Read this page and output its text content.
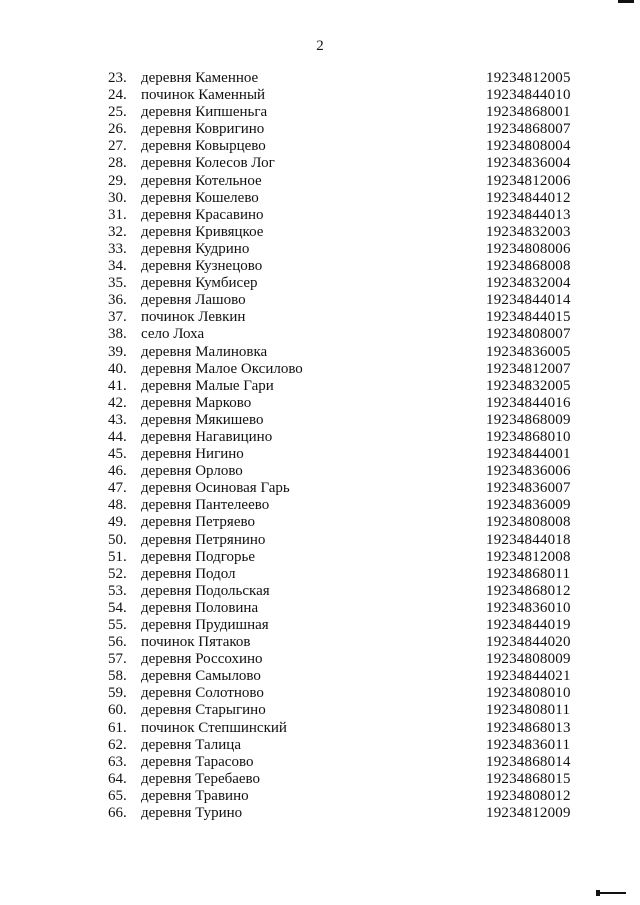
2
23. деревня Каменное	19234812005
24. починок Каменный	19234844010
25. деревня Кипшеньга	19234868001
26. деревня Ковригино	19234868007
27. деревня Ковырцево	19234808004
28. деревня Колесов Лог	19234836004
29. деревня Котельное	19234812006
30. деревня Кошелево	19234844012
31. деревня Красавино	19234844013
32. деревня Кривяцкое	19234832003
33. деревня Кудрино	19234808006
34. деревня Кузнецово	19234868008
35. деревня Кумбисер	19234832004
36. деревня Лашово	19234844014
37. починок Левкин	19234844015
38. село Лоха	19234808007
39. деревня Малиновка	19234836005
40. деревня Малое Оксилово	19234812007
41. деревня Малые Гари	19234832005
42. деревня Марково	19234844016
43. деревня Мякишево	19234868009
44. деревня Нагавицино	19234868010
45. деревня Нигино	19234844001
46. деревня Орлово	19234836006
47. деревня Осиновая Гарь	19234836007
48. деревня Пантелеево	19234836009
49. деревня Петряево	19234808008
50. деревня Петрянино	19234844018
51. деревня Подгорье	19234812008
52. деревня Подол	19234868011
53. деревня Подольская	19234868012
54. деревня Половина	19234836010
55. деревня Прудишная	19234844019
56. починок Пятаков	19234844020
57. деревня Россохино	19234808009
58. деревня Самылово	19234844021
59. деревня Солотново	19234808010
60. деревня Старыгино	19234808011
61. починок Степшинский	19234868013
62. деревня Талица	19234836011
63. деревня Тарасово	19234868014
64. деревня Теребаево	19234868015
65. деревня Травино	19234808012
66. деревня Турино	19234812009
